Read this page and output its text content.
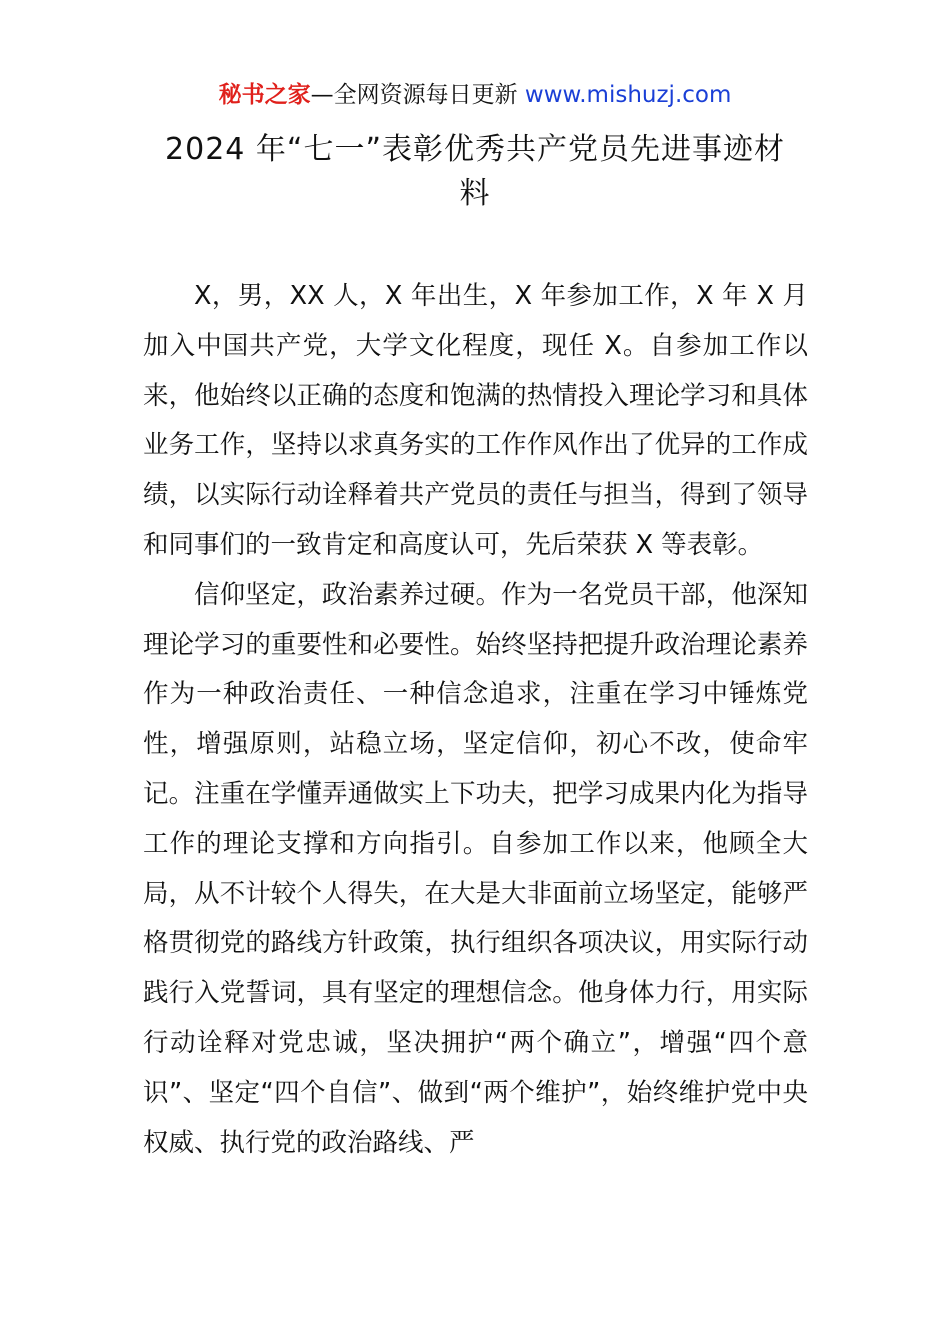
秘书之家—全网资源每日更新 www.mishuzj.com
2024 年“七一”表彰优秀共产党员先进事迹材
料

X，男，XX 人，X 年出生，X 年参加工作，X 年 X 月加入中国共产党，大学文化程度，现任 X。自参加工作以来，他始终以正确的态度和饱满的热情投入理论学习和具体业务工作，坚持以求真务实的工作作风作出了优异的工作成绩，以实际行动诠释着共产党员的责任与担当，得到了领导和同事们的一致肯定和高度认可，先后荣获 X 等表彰。

信仰坚定，政治素养过硬。作为一名党员干部，他深知理论学习的重要性和必要性。始终坚持把提升政治理论素养作为一种政治责任、一种信念追求，注重在学习中锤炼党性，增强原则，站稳立场，坚定信仰，初心不改，使命牢记。注重在学懂弄通做实上下功夫，把学习成果内化为指导工作的理论支撑和方向指引。自参加工作以来，他顾全大局，从不计较个人得失，在大是大非面前立场坚定，能够严格贯彻党的路线方针政策，执行组织各项决议，用实际行动践行入党誓词，具有坚定的理想信念。他身体力行，用实际行动诠释对党忠诚，坚决拥护“两个确立”，增强“四个意识”、坚定“四个自信”、做到“两个维护”，始终维护党中央权威、执行党的政治路线、严
